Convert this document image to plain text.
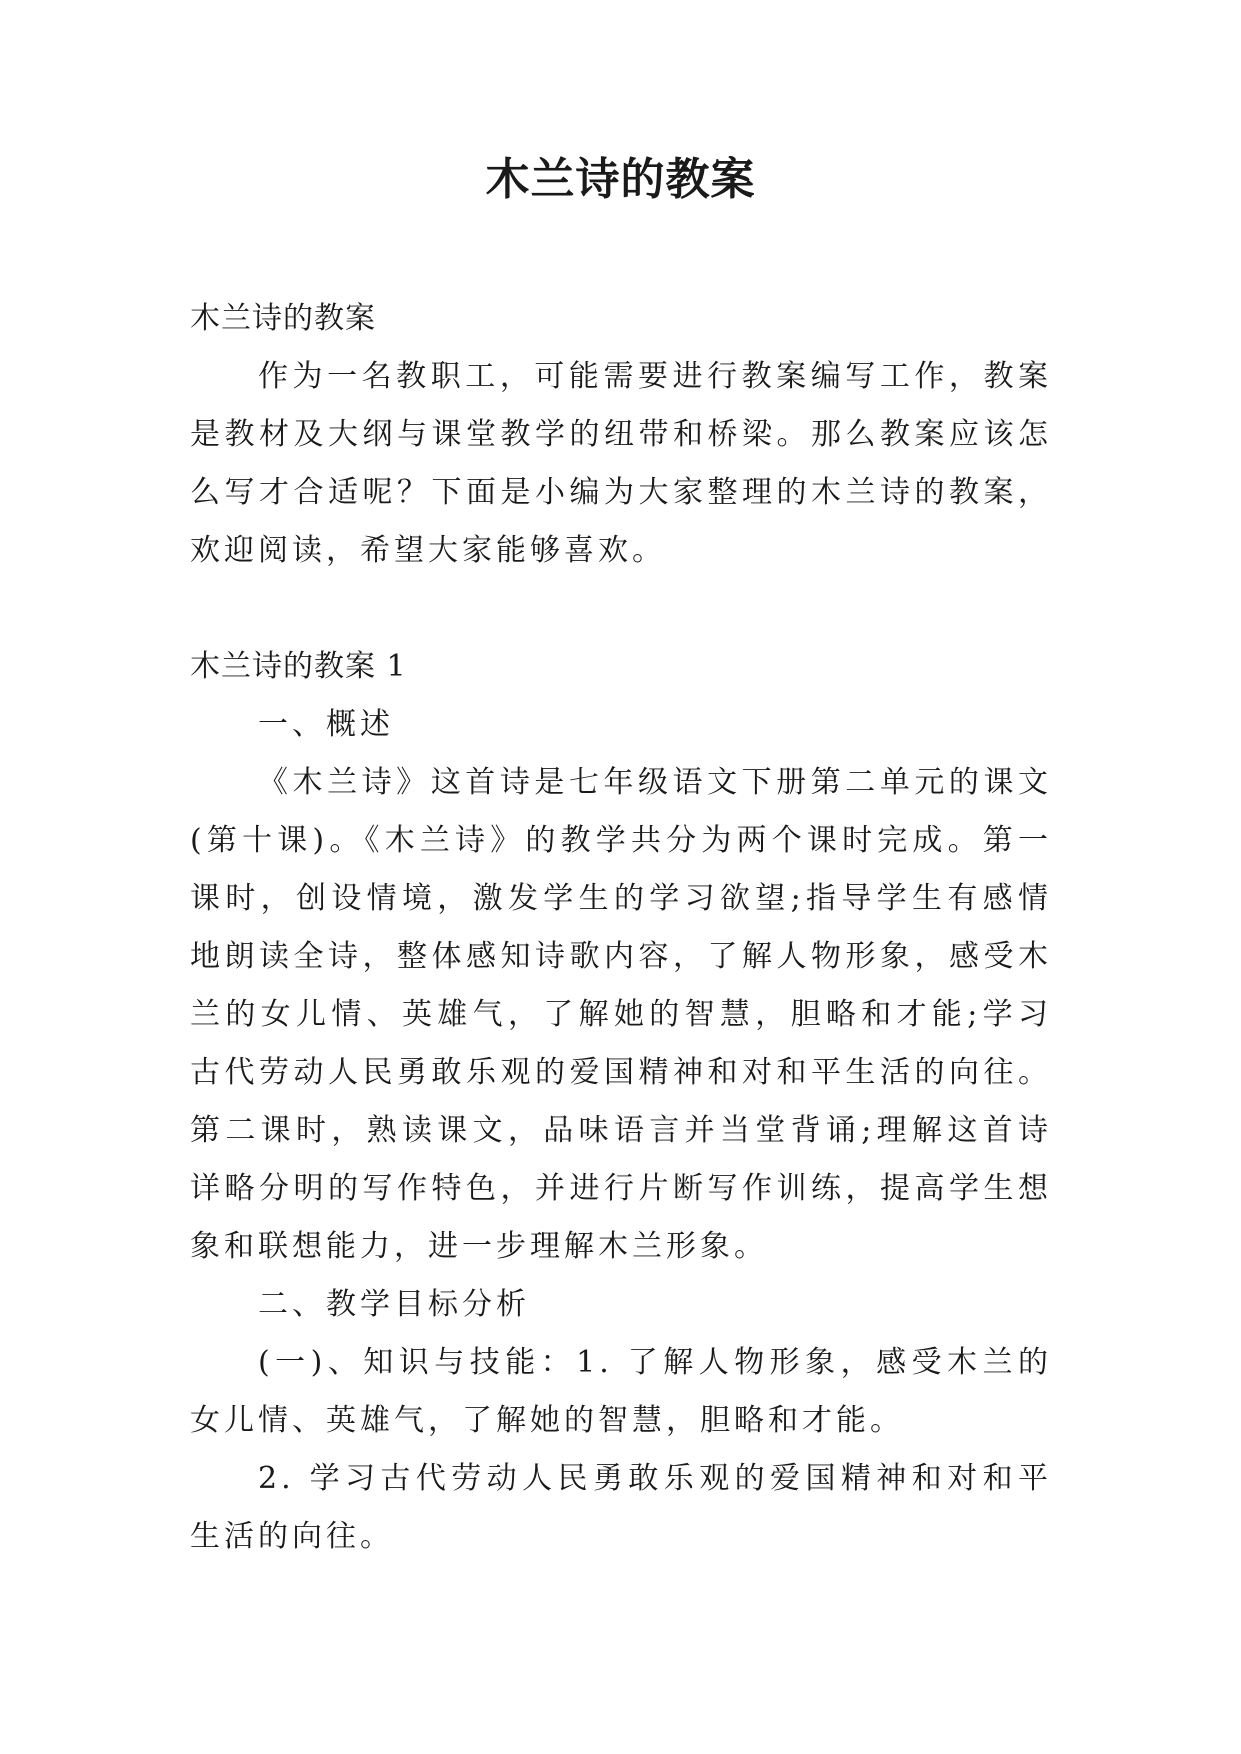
木兰诗的教案

木兰诗的教案

作为一名教职工，可能需要进行教案编写工作，教案是教材及大纲与课堂教学的纽带和桥梁。那么教案应该怎么写才合适呢？下面是小编为大家整理的木兰诗的教案，欢迎阅读，希望大家能够喜欢。

木兰诗的教案 1

一、概述

《木兰诗》这首诗是七年级语文下册第二单元的课文(第十课)。《木兰诗》的教学共分为两个课时完成。第一课时，创设情境，激发学生的学习欲望;指导学生有感情地朗读全诗，整体感知诗歌内容，了解人物形象，感受木兰的女儿情、英雄气，了解她的智慧，胆略和才能;学习古代劳动人民勇敢乐观的爱国精神和对和平生活的向往。第二课时，熟读课文，品味语言并当堂背诵;理解这首诗详略分明的写作特色，并进行片断写作训练，提高学生想象和联想能力，进一步理解木兰形象。

二、教学目标分析

(一)、知识与技能：1. 了解人物形象，感受木兰的女儿情、英雄气，了解她的智慧，胆略和才能。

2. 学习古代劳动人民勇敢乐观的爱国精神和对和平生活的向往。
